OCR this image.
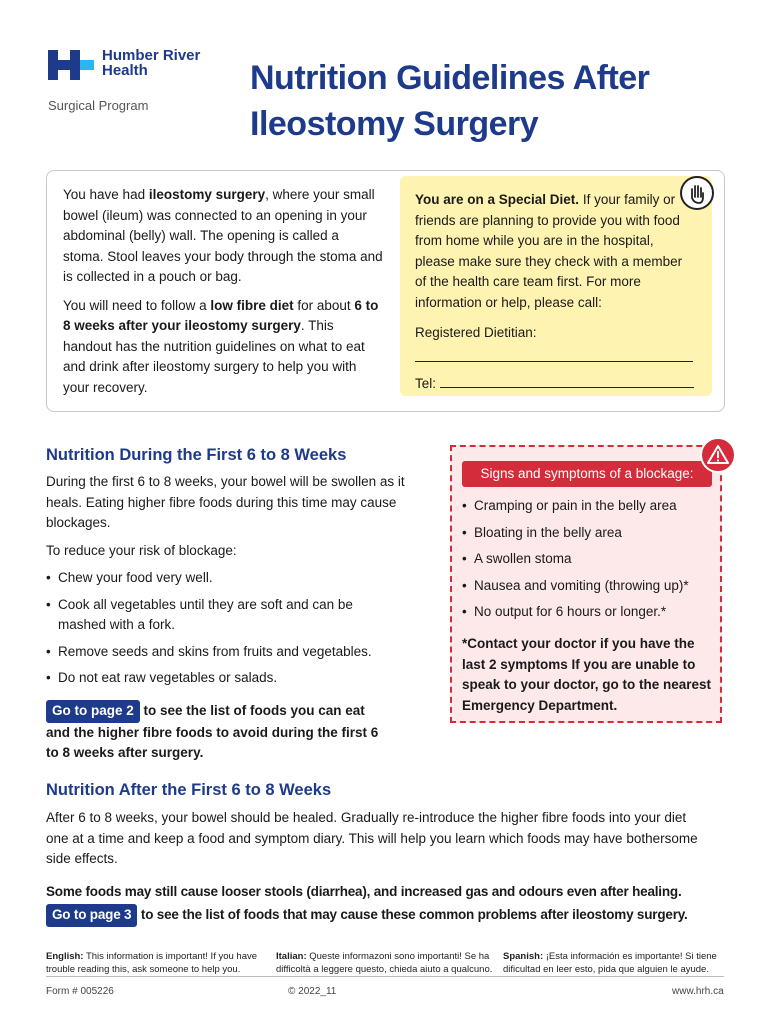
Humber River
Health
Surgical Program
Nutrition Guidelines After
Ileostomy Surgery

You have had ileostomy surgery, where your small bowel (ileum) was connected to an opening in your abdominal (belly) wall. The opening is called a stoma. Stool leaves your body through the stoma and is collected in a pouch or bag.

You will need to follow a low fibre diet for about 6 to 8 weeks after your ileostomy surgery. This handout has the nutrition guidelines on what to eat and drink after ileostomy surgery to help you with your recovery.

You are on a Special Diet. If your family or friends are planning to provide you with food from home while you are in the hospital, please make sure they check with a member of the health care team first. For more information or help, please call:
Registered Dietitian:
Tel:
Nutrition During the First 6 to 8 Weeks
During the first 6 to 8 weeks, your bowel will be swollen as it heals. Eating higher fibre foods during this time may cause blockages.
To reduce your risk of blockage:
• Chew your food very well.
• Cook all vegetables until they are soft and can be mashed with a fork.
• Remove seeds and skins from fruits and vegetables.
• Do not eat raw vegetables or salads.
Go to page 2 to see the list of foods you can eat and the higher fibre foods to avoid during the first 6 to 8 weeks after surgery.
Signs and symptoms of a blockage:
• Cramping or pain in the belly area
• Bloating in the belly area
• A swollen stoma
• Nausea and vomiting (throwing up)*
• No output for 6 hours or longer.*
*Contact your doctor if you have the last 2 symptoms If you are unable to speak to your doctor, go to the nearest Emergency Department.
Nutrition After the First 6 to 8 Weeks
After 6 to 8 weeks, your bowel should be healed. Gradually re-introduce the higher fibre foods into your diet one at a time and keep a food and symptom diary. This will help you learn which foods may have bothersome side effects.
Some foods may still cause looser stools (diarrhea), and increased gas and odours even after healing.
Go to page 3 to see the list of foods that may cause these common problems after ileostomy surgery.
English: This information is important! If you have trouble reading this, ask someone to help you.
Italian: Queste informazoni sono importanti! Se ha difficoltà a leggere questo, chieda aiuto a qualcuno.
Spanish: ¡Esta información es importante! Si tiene dificultad en leer esto, pida que alguien le ayude.
Form # 005226	© 2022_11	www.hrh.ca
